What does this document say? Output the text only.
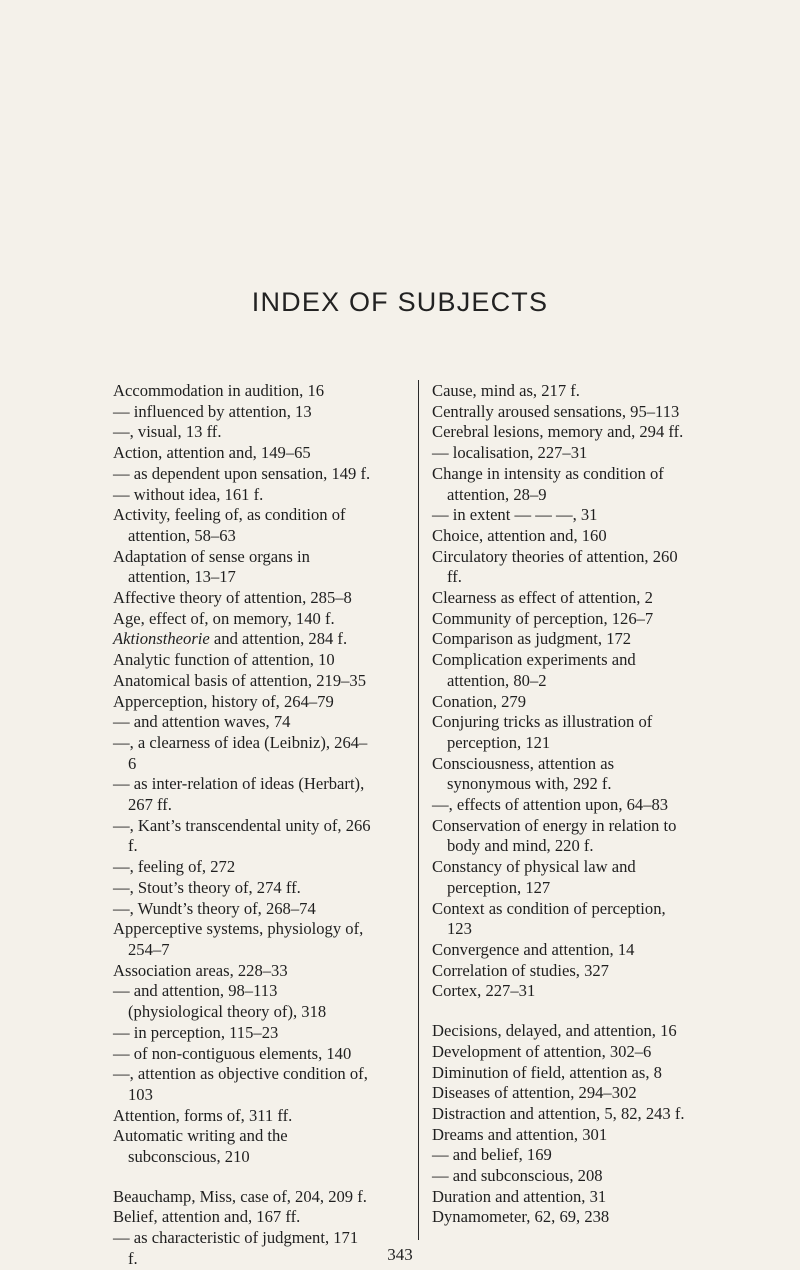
INDEX OF SUBJECTS
Accommodation in audition, 16
— influenced by attention, 13
—, visual, 13 ff.
Action, attention and, 149–65
— as dependent upon sensation, 149 f.
— without idea, 161 f.
Activity, feeling of, as condition of attention, 58–63
Adaptation of sense organs in attention, 13–17
Affective theory of attention, 285–8
Age, effect of, on memory, 140 f.
Aktionstheorie and attention, 284 f.
Analytic function of attention, 10
Anatomical basis of attention, 219–35
Apperception, history of, 264–79
— and attention waves, 74
—, a clearness of idea (Leibniz), 264–6
— as inter-relation of ideas (Herbart), 267 ff.
—, Kant’s transcendental unity of, 266 f.
—, feeling of, 272
—, Stout’s theory of, 274 ff.
—, Wundt’s theory of, 268–74
Apperceptive systems, physiology of, 254–7
Association areas, 228–33
— and attention, 98–113 (physiological theory of), 318
— in perception, 115–23
— of non-contiguous elements, 140
—, attention as objective condition of, 103
Attention, forms of, 311 ff.
Automatic writing and the subconscious, 210
Beauchamp, Miss, case of, 204, 209 f.
Belief, attention and, 167 ff.
— as characteristic of judgment, 171 f.
Cause, mind as, 217 f.
Centrally aroused sensations, 95–113
Cerebral lesions, memory and, 294 ff.
— localisation, 227–31
Change in intensity as condition of attention, 28–9
— in extent — — —, 31
Choice, attention and, 160
Circulatory theories of attention, 260 ff.
Clearness as effect of attention, 2
Community of perception, 126–7
Comparison as judgment, 172
Complication experiments and attention, 80–2
Conation, 279
Conjuring tricks as illustration of perception, 121
Consciousness, attention as synonymous with, 292 f.
—, effects of attention upon, 64–83
Conservation of energy in relation to body and mind, 220 f.
Constancy of physical law and perception, 127
Context as condition of perception, 123
Convergence and attention, 14
Correlation of studies, 327
Cortex, 227–31
Decisions, delayed, and attention, 16
Development of attention, 302–6
Diminution of field, attention as, 8
Diseases of attention, 294–302
Distraction and attention, 5, 82, 243 f.
Dreams and attention, 301
— and belief, 169
— and subconscious, 208
Duration and attention, 31
Dynamometer, 62, 69, 238
343
